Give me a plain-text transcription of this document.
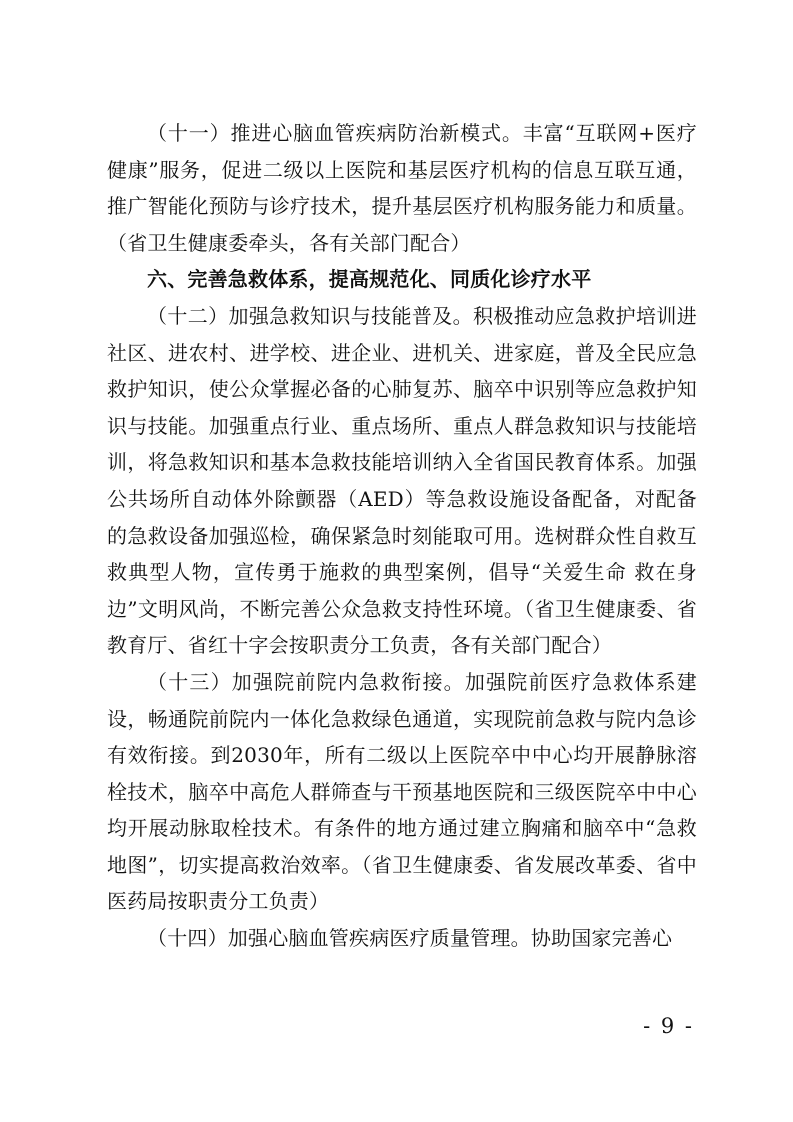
（十一）推进心脑血管疾病防治新模式。丰富“互联网+医疗健康”服务，促进二级以上医院和基层医疗机构的信息互联互通，推广智能化预防与诊疗技术，提升基层医疗机构服务能力和质量。（省卫生健康委牵头，各有关部门配合）

六、完善急救体系，提高规范化、同质化诊疗水平

（十二）加强急救知识与技能普及。积极推动应急救护培训进社区、进农村、进学校、进企业、进机关、进家庭，普及全民应急救护知识，使公众掌握必备的心肺复苏、脑卒中识别等应急救护知识与技能。加强重点行业、重点场所、重点人群急救知识与技能培训，将急救知识和基本急救技能培训纳入全省国民教育体系。加强公共场所自动体外除颤器（AED）等急救设施设备配备，对配备的急救设备加强巡检，确保紧急时刻能取可用。选树群众性自救互救典型人物，宣传勇于施救的典型案例，倡导“关爱生命 救在身边”文明风尚，不断完善公众急救支持性环境。（省卫生健康委、省教育厅、省红十字会按职责分工负责，各有关部门配合）

（十三）加强院前院内急救衔接。加强院前医疗急救体系建设，畅通院前院内一体化急救绿色通道，实现院前急救与院内急诊有效衔接。到2030年，所有二级以上医院卒中中心均开展静脉溶栓技术，脑卒中高危人群筛查与干预基地医院和三级医院卒中中心均开展动脉取栓技术。有条件的地方通过建立胸痛和脑卒中“急救地图”，切实提高救治效率。（省卫生健康委、省发展改革委、省中医药局按职责分工负责）

（十四）加强心脑血管疾病医疗质量管理。协助国家完善心

- 9 -
